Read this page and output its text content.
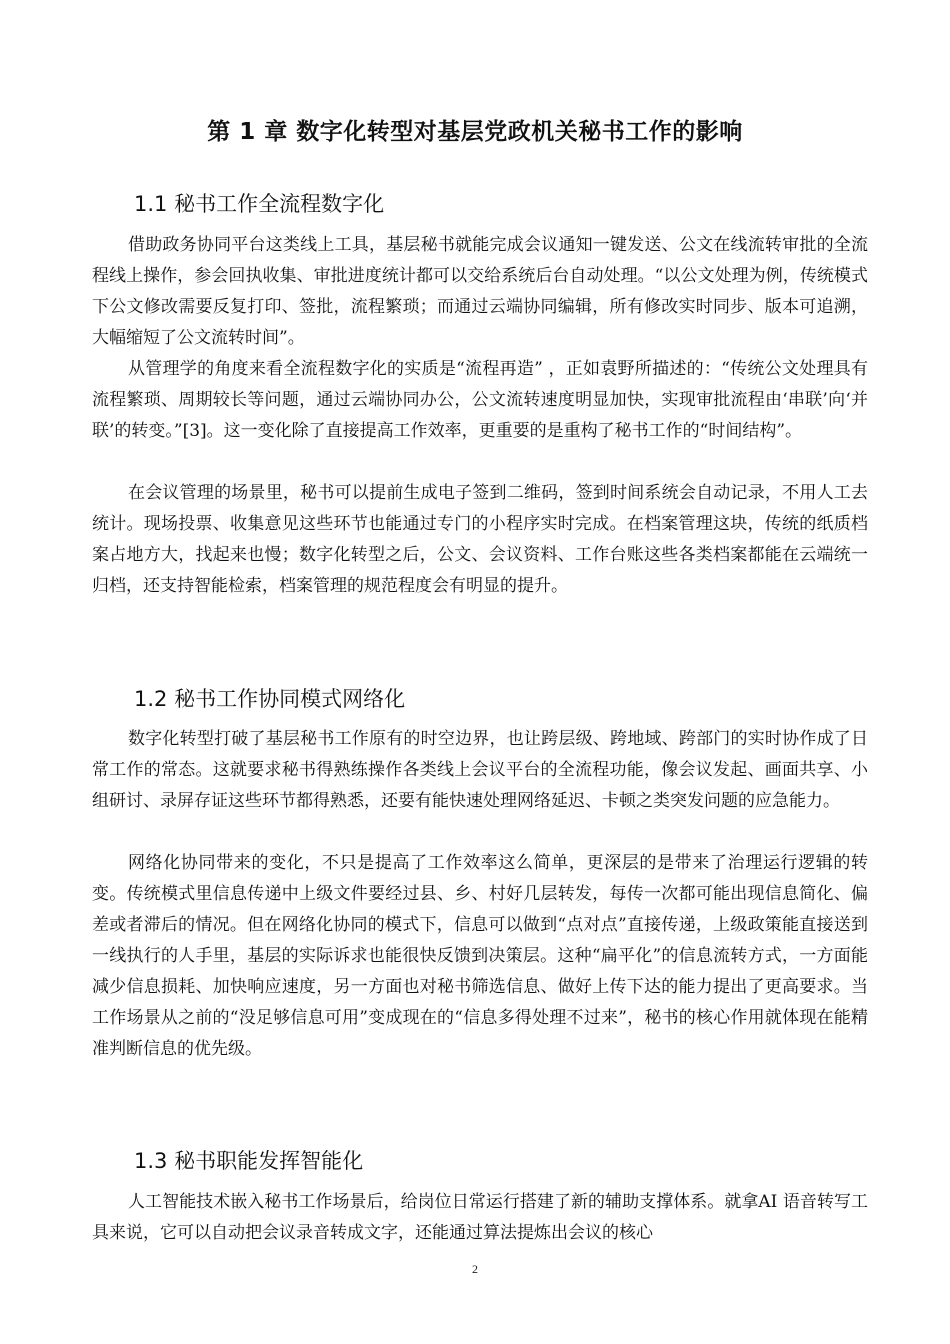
第 1 章 数字化转型对基层党政机关秘书工作的影响
1.1 秘书工作全流程数字化

借助政务协同平台这类线上工具，基层秘书就能完成会议通知一键发送、公文在线流转审批的全流程线上操作，参会回执收集、审批进度统计都可以交给系统后台自动处理。“以公文处理为例，传统模式下公文修改需要反复打印、签批，流程繁琐；而通过云端协同编辑，所有修改实时同步、版本可追溯，大幅缩短了公文流转时间”。

从管理学的角度来看全流程数字化的实质是“流程再造” ，正如袁野所描述的：“传统公文处理具有流程繁琐、周期较长等问题，通过云端协同办公，公文流转速度明显加快，实现审批流程由‘串联’向‘并联’的转变。”[3]。这一变化除了直接提高工作效率，更重要的是重构了秘书工作的“时间结构”。

在会议管理的场景里，秘书可以提前生成电子签到二维码，签到时间系统会自动记录，不用人工去统计。现场投票、收集意见这些环节也能通过专门的小程序实时完成。在档案管理这块，传统的纸质档案占地方大，找起来也慢；数字化转型之后，公文、会议资料、工作台账这些各类档案都能在云端统一归档，还支持智能检索，档案管理的规范程度会有明显的提升。

1.2 秘书工作协同模式网络化

数字化转型打破了基层秘书工作原有的时空边界，也让跨层级、跨地域、跨部门的实时协作成了日常工作的常态。这就要求秘书得熟练操作各类线上会议平台的全流程功能，像会议发起、画面共享、小组研讨、录屏存证这些环节都得熟悉，还要有能快速处理网络延迟、卡顿之类突发问题的应急能力。

网络化协同带来的变化，不只是提高了工作效率这么简单，更深层的是带来了治理运行逻辑的转变。传统模式里信息传递中上级文件要经过县、乡、村好几层转发，每传一次都可能出现信息简化、偏差或者滞后的情况。但在网络化协同的模式下，信息可以做到“点对点”直接传递，上级政策能直接送到一线执行的人手里，基层的实际诉求也能很快反馈到决策层。这种“扁平化”的信息流转方式，一方面能减少信息损耗、加快响应速度，另一方面也对秘书筛选信息、做好上传下达的能力提出了更高要求。当工作场景从之前的“没足够信息可用”变成现在的“信息多得处理不过来”，秘书的核心作用就体现在能精准判断信息的优先级。

1.3 秘书职能发挥智能化

人工智能技术嵌入秘书工作场景后，给岗位日常运行搭建了新的辅助支撑体系。就拿AI 语音转写工具来说，它可以自动把会议录音转成文字，还能通过算法提炼出会议的核心

2
